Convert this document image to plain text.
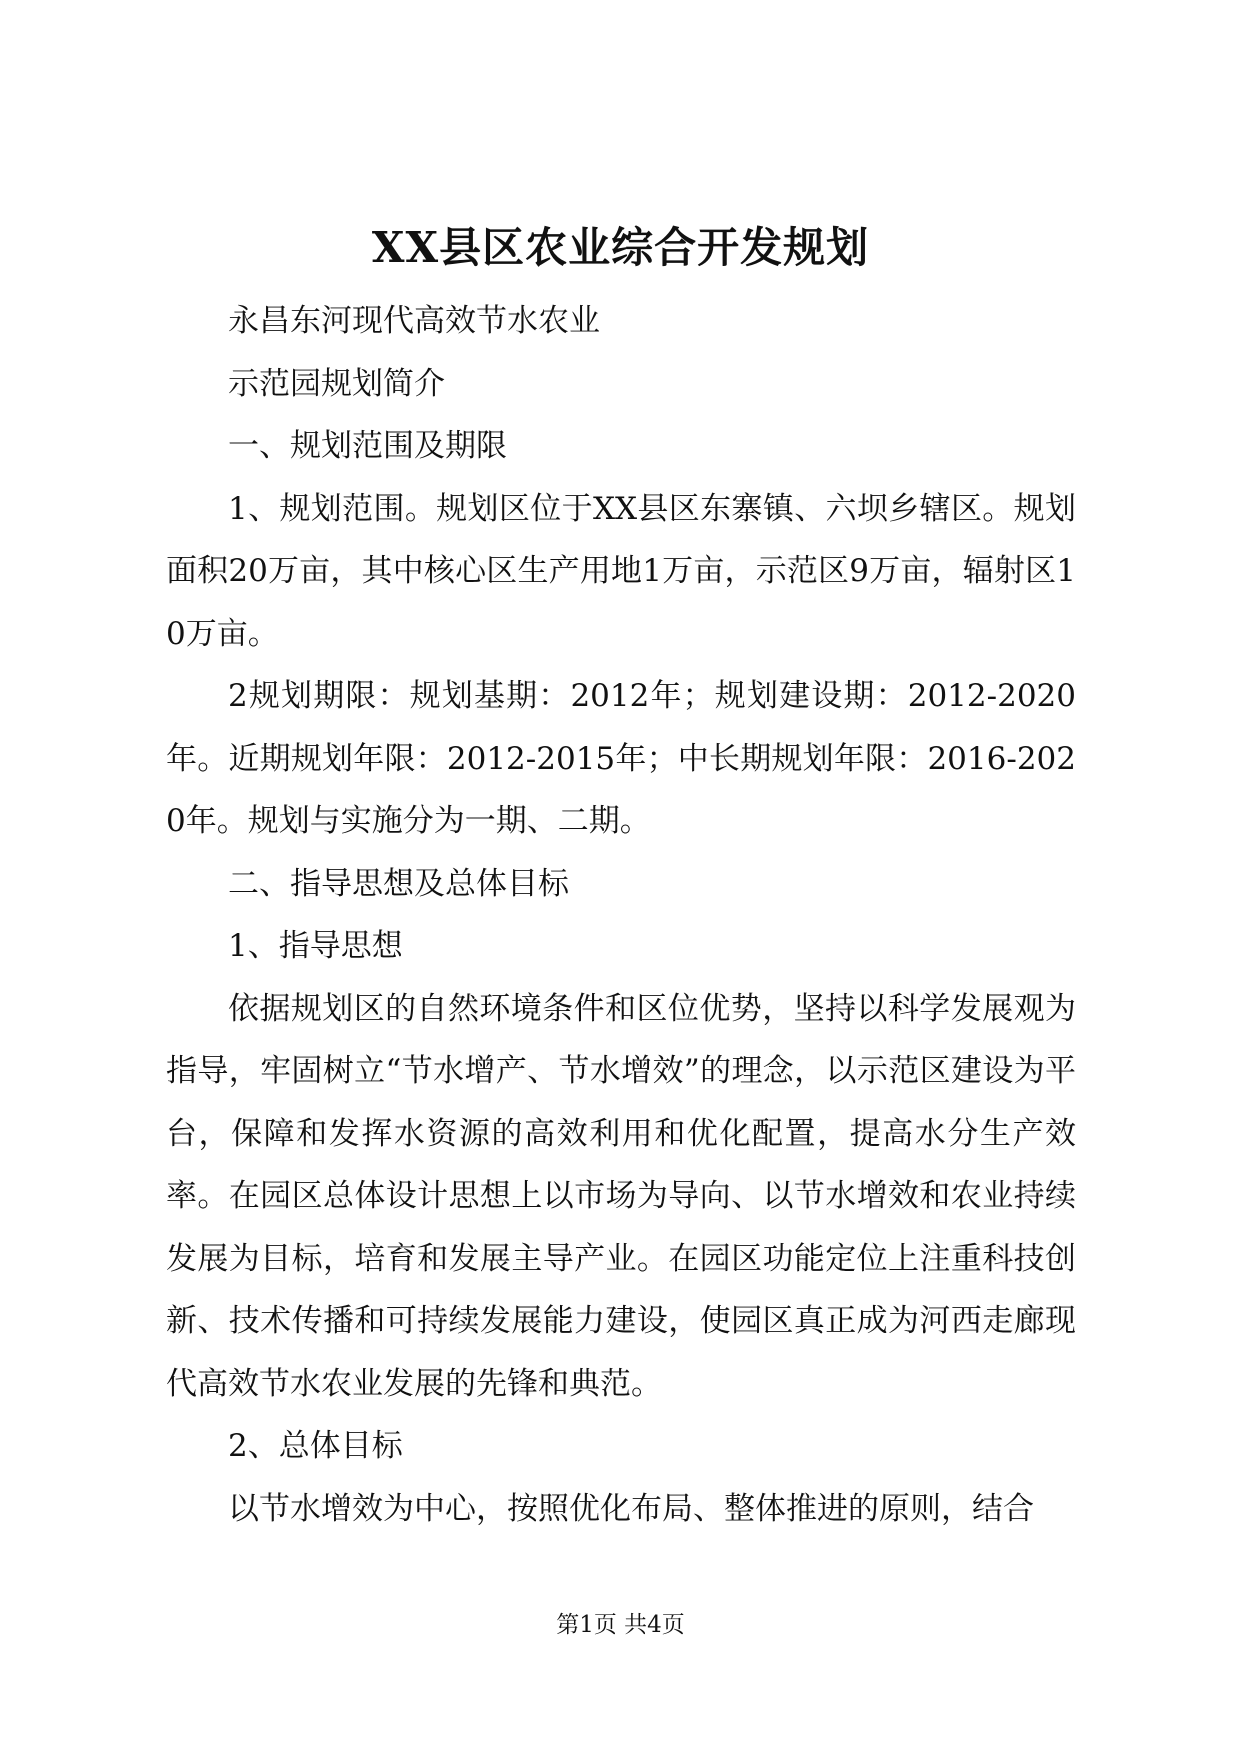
XX县区农业综合开发规划

永昌东河现代高效节水农业

示范园规划简介

一、规划范围及期限

1、规划范围。规划区位于XX县区东寨镇、六坝乡辖区。规划面积20万亩，其中核心区生产用地1万亩，示范区9万亩，辐射区10万亩。

2规划期限：规划基期：2012年；规划建设期：2012-2020年。近期规划年限：2012-2015年；中长期规划年限：2016-2020年。规划与实施分为一期、二期。

二、指导思想及总体目标

1、指导思想

依据规划区的自然环境条件和区位优势，坚持以科学发展观为指导，牢固树立“节水增产、节水增效”的理念，以示范区建设为平台，保障和发挥水资源的高效利用和优化配置，提高水分生产效率。在园区总体设计思想上以市场为导向、以节水增效和农业持续发展为目标，培育和发展主导产业。在园区功能定位上注重科技创新、技术传播和可持续发展能力建设，使园区真正成为河西走廊现代高效节水农业发展的先锋和典范。

2、总体目标

以节水增效为中心，按照优化布局、整体推进的原则，结合

第1页 共4页
